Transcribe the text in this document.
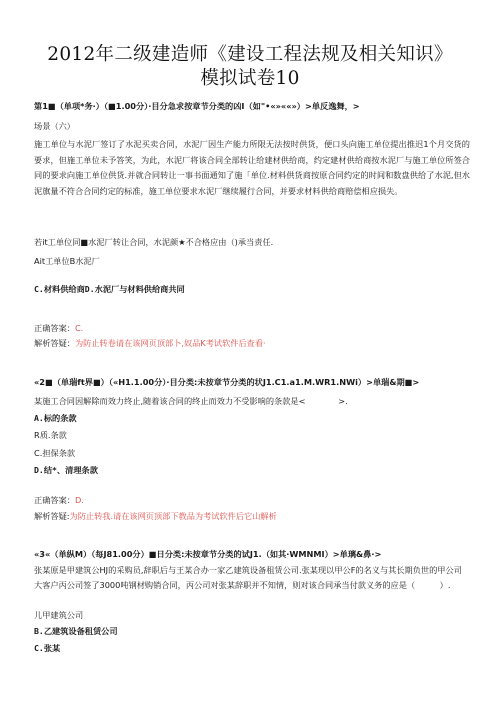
2012年二级建造师《建设工程法规及相关知识》
模拟试卷10
第1■（单项*务·）（■1.00分）·目分急求按章节分类的凶I（如"•«»««»）>单反逸舞，>
场景（六）
施工单位与水泥厂签订了水泥买卖合同，水泥厂因生产能力所限无法按时供货，便口头向施工单位提出推迟1个月交货的要求，但施工单位未予答笑，为此，水泥厂将该合同全部转让给建材供给商，约定建材供给商按水泥厂与施工单位所签合同的要求向施工单位供货.并就合同转让一事书面通知了施「单位.材料供货商按原合同约定的时间和数盘供给了水泥,但水泥旗量不符合合同约定的标准，施工单位要求水泥厂继续履行合同，并要求材料供给商赔偿相应损失。
若it工单位同■水泥厂转让合同，水泥颜★不合格应由（)承当责任.
Ait工单位B水泥厂
C.材料供给商D.水泥厂与材料供给商共同
正确答案：C．
解析答疑：为防止转卷请在该网页顶部卜,奴品K考试软件后查看·
«2■（单瑞ft界■）（«H1.1.00分）·目分类:未按章节分类的状J1.C1.a1.M.WR1.NWi）>单瑞&期■>
某施工合同因解除而效力终止,随着该合同的终止而效力不受影响的条款是<　　　　>.
A.标的条款
R质.条款
C.担保条款
D.结*、清理条款
正确答案：D.
解析答疑:为防止转我.请在该网页顶部下教品为考试软件后它山解析
«3«（单纵M）（每J81.00分）■日分类:未按章节分类的试J1.（如其·WMNMI）>单璃&鼻·>
张某原是甲建筑公HJ的采购员,辞职后与王某合办一家乙建筑设备租赁公司.张某现以甲公F的名义与其长期负世的甲公司大客户丙公司签了3000吨钢材购销合同，丙公司对张某辞职并不知情，则对该合同承当付款义务的应是（　　　）.
儿甲建筑公司
B.乙建筑设备租赁公司
C.张某
